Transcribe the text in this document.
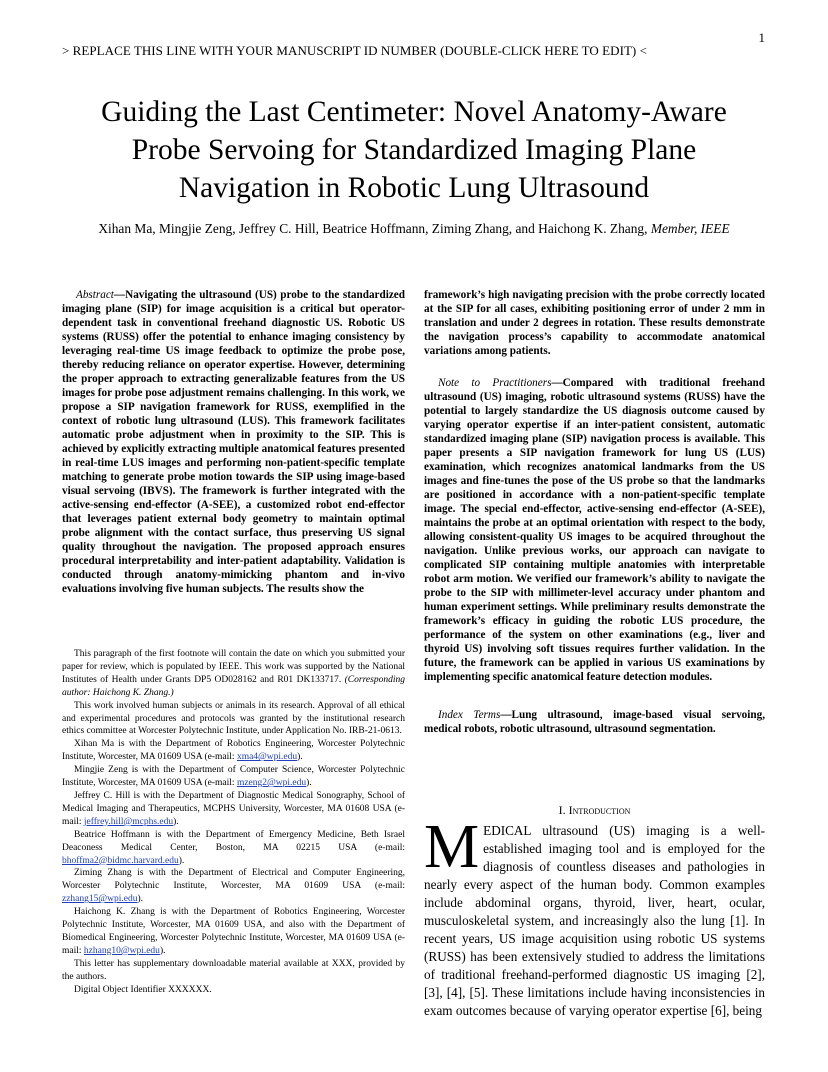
1
> REPLACE THIS LINE WITH YOUR MANUSCRIPT ID NUMBER (DOUBLE-CLICK HERE TO EDIT) <
Guiding the Last Centimeter: Novel Anatomy-Aware
Probe Servoing for Standardized Imaging Plane
Navigation in Robotic Lung Ultrasound
Xihan Ma, Mingjie Zeng, Jeffrey C. Hill, Beatrice Hoffmann, Ziming Zhang, and Haichong K. Zhang, Member, IEEE

Abstract—Navigating the ultrasound (US) probe to the standardized imaging plane (SIP) for image acquisition is a critical but operator-dependent task in conventional freehand diagnostic US. Robotic US systems (RUSS) offer the potential to enhance imaging consistency by leveraging real-time US image feedback to optimize the probe pose, thereby reducing reliance on operator expertise. However, determining the proper approach to extracting generalizable features from the US images for probe pose adjustment remains challenging. In this work, we propose a SIP navigation framework for RUSS, exemplified in the context of robotic lung ultrasound (LUS). This framework facilitates automatic probe adjustment when in proximity to the SIP. This is achieved by explicitly extracting multiple anatomical features presented in real-time LUS images and performing non-patient-specific template matching to generate probe motion towards the SIP using image-based visual servoing (IBVS). The framework is further integrated with the active-sensing end-effector (A-SEE), a customized robot end-effector that leverages patient external body geometry to maintain optimal probe alignment with the contact surface, thus preserving US signal quality throughout the navigation. The proposed approach ensures procedural interpretability and inter-patient adaptability. Validation is conducted through anatomy-mimicking phantom and in-vivo evaluations involving five human subjects. The results show the

This paragraph of the first footnote will contain the date on which you submitted your paper for review, which is populated by IEEE. This work was supported by the National Institutes of Health under Grants DP5 OD028162 and R01 DK133717. (Corresponding author: Haichong K. Zhang.)

This work involved human subjects or animals in its research. Approval of all ethical and experimental procedures and protocols was granted by the institutional research ethics committee at Worcester Polytechnic Institute, under Application No. IRB-21-0613.

Xihan Ma is with the Department of Robotics Engineering, Worcester Polytechnic Institute, Worcester, MA 01609 USA (e-mail: xma4@wpi.edu).

Mingjie Zeng is with the Department of Computer Science, Worcester Polytechnic Institute, Worcester, MA 01609 USA (e-mail: mzeng2@wpi.edu).

Jeffrey C. Hill is with the Department of Diagnostic Medical Sonography, School of Medical Imaging and Therapeutics, MCPHS University, Worcester, MA 01608 USA (e-mail: jeffrey.hill@mcphs.edu).

Beatrice Hoffmann is with the Department of Emergency Medicine, Beth Israel Deaconess Medical Center, Boston, MA 02215 USA (e-mail: bhoffma2@bidmc.harvard.edu).

Ziming Zhang is with the Department of Electrical and Computer Engineering, Worcester Polytechnic Institute, Worcester, MA 01609 USA (e-mail: zzhang15@wpi.edu).

Haichong K. Zhang is with the Department of Robotics Engineering, Worcester Polytechnic Institute, Worcester, MA 01609 USA, and also with the Department of Biomedical Engineering, Worcester Polytechnic Institute, Worcester, MA 01609 USA (e-mail: hzhang10@wpi.edu).

This letter has supplementary downloadable material available at XXX, provided by the authors.

Digital Object Identifier XXXXXX.

framework’s high navigating precision with the probe correctly located at the SIP for all cases, exhibiting positioning error of under 2 mm in translation and under 2 degrees in rotation. These results demonstrate the navigation process’s capability to accommodate anatomical variations among patients.

Note to Practitioners—Compared with traditional freehand ultrasound (US) imaging, robotic ultrasound systems (RUSS) have the potential to largely standardize the US diagnosis outcome caused by varying operator expertise if an inter-patient consistent, automatic standardized imaging plane (SIP) navigation process is available. This paper presents a SIP navigation framework for lung US (LUS) examination, which recognizes anatomical landmarks from the US images and fine-tunes the pose of the US probe so that the landmarks are positioned in accordance with a non-patient-specific template image. The special end-effector, active-sensing end-effector (A-SEE), maintains the probe at an optimal orientation with respect to the body, allowing consistent-quality US images to be acquired throughout the navigation. Unlike previous works, our approach can navigate to complicated SIP containing multiple anatomies with interpretable robot arm motion. We verified our framework’s ability to navigate the probe to the SIP with millimeter-level accuracy under phantom and human experiment settings. While preliminary results demonstrate the framework’s efficacy in guiding the robotic LUS procedure, the performance of the system on other examinations (e.g., liver and thyroid US) involving soft tissues requires further validation. In the future, the framework can be applied in various US examinations by implementing specific anatomical feature detection modules.

Index Terms—Lung ultrasound, image-based visual servoing, medical robots, robotic ultrasound, ultrasound segmentation.

I. Introduction

MEDICAL ultrasound (US) imaging is a well-established imaging tool and is employed for the diagnosis of countless diseases and pathologies in nearly every aspect of the human body. Common examples include abdominal organs, thyroid, liver, heart, ocular, musculoskeletal system, and increasingly also the lung [1]. In recent years, US image acquisition using robotic US systems (RUSS) has been extensively studied to address the limitations of traditional freehand-performed diagnostic US imaging [2], [3], [4], [5]. These limitations include having inconsistencies in exam outcomes because of varying operator expertise [6], being
